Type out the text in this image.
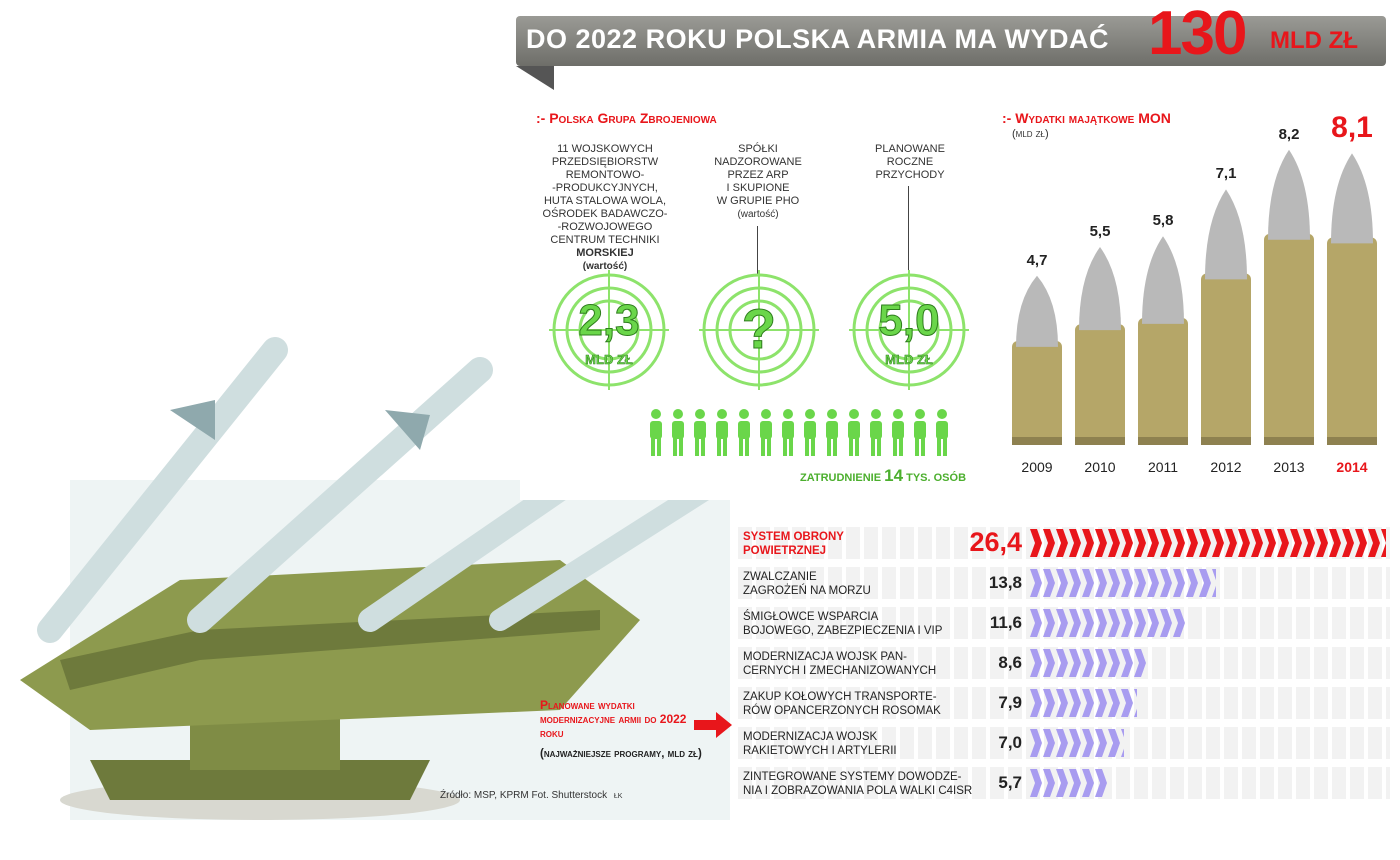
DO 2022 ROKU POLSKA ARMIA MA WYDAĆ 130 MLD ZŁ
:- Polska Grupa Zbrojeniowa
11 WOJSKOWYCH
PRZEDSIĘBIORSTW
REMONTOWO-
-PRODUKCYJNYCH,
HUTA STALOWA WOLA,
OŚRODEK BADAWCZO-
-ROZWOJOWEGO
CENTRUM TECHNIKI
MORSKIEJ
(wartość)
SPÓŁKI
NADZOROWANE
PRZEZ ARP
I SKUPIONE
W GRUPIE PHO
(wartość)
PLANOWANE
ROCZNE
PRZYCHODY
2,3
MLD ZŁ	?	5,0
MLD ZŁ
ZATRUDNIENIE 14 TYS. OSÓB
:- Wydatki majątkowe MON
(mld zł)
4,7
2009
5,5
2010
5,8
2011
7,1
2012
8,2
2013
8,1
2014
SYSTEM OBRONY
POWIETRZNEJ	26,4
ZWALCZANIE
ZAGROŻEŃ NA MORZU	13,8
ŚMIGŁOWCE WSPARCIA
BOJOWEGO, ZABEZPIECZENIA I VIP	11,6
MODERNIZACJA WOJSK PAN-
CERNYCH I ZMECHANIZOWANYCH	8,6
ZAKUP KOŁOWYCH TRANSPORTE-
RÓW OPANCERZONYCH ROSOMAK	7,9
MODERNIZACJA WOJSK
RAKIETOWYCH I ARTYLERII	7,0
ZINTEGROWANE SYSTEMY DOWODZE-
NIA I ZOBRAZOWANIA POLA WALKI C4ISR	5,7
Planowane wydatki modernizacyjne armii do 2022 roku
(najważniejsze programy, mld zł)
Źródło: MSP, KPRM Fot. Shutterstock ŁK
